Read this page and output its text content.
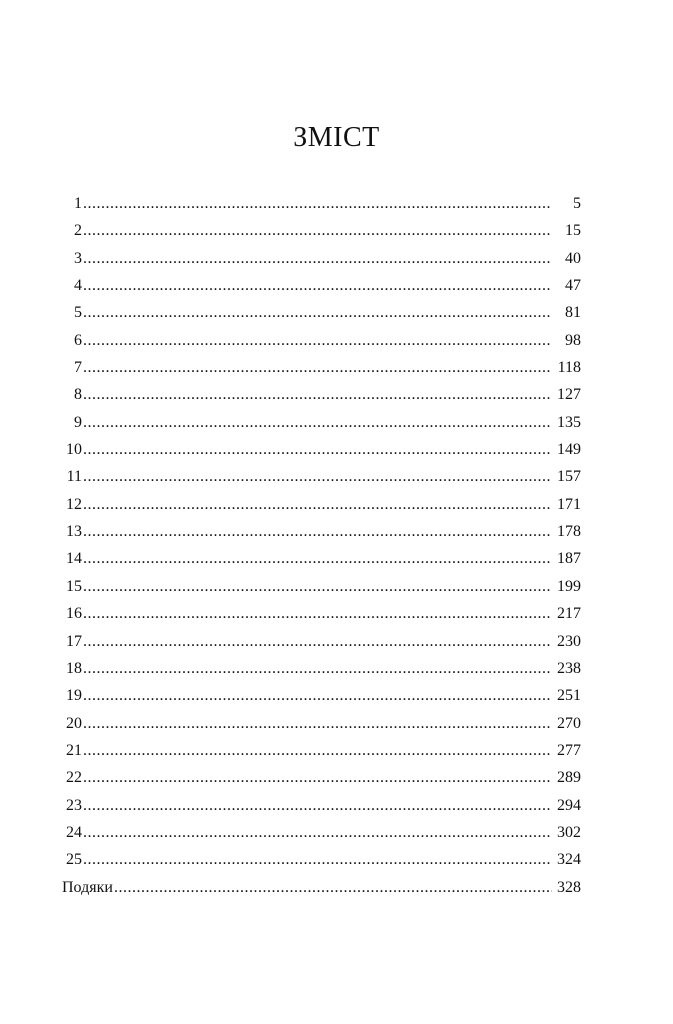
ЗМІСТ
1 .....	5
2 .....	15
3 .....	40
4 .....	47
5 .....	81
6 .....	98
7 .....	118
8 .....	127
9 .....	135
10 .....	149
11 .....	157
12 .....	171
13 .....	178
14 .....	187
15 .....	199
16 .....	217
17 .....	230
18 .....	238
19 .....	251
20 .....	270
21 .....	277
22 .....	289
23 .....	294
24 .....	302
25 .....	324
Подяки .....	328
